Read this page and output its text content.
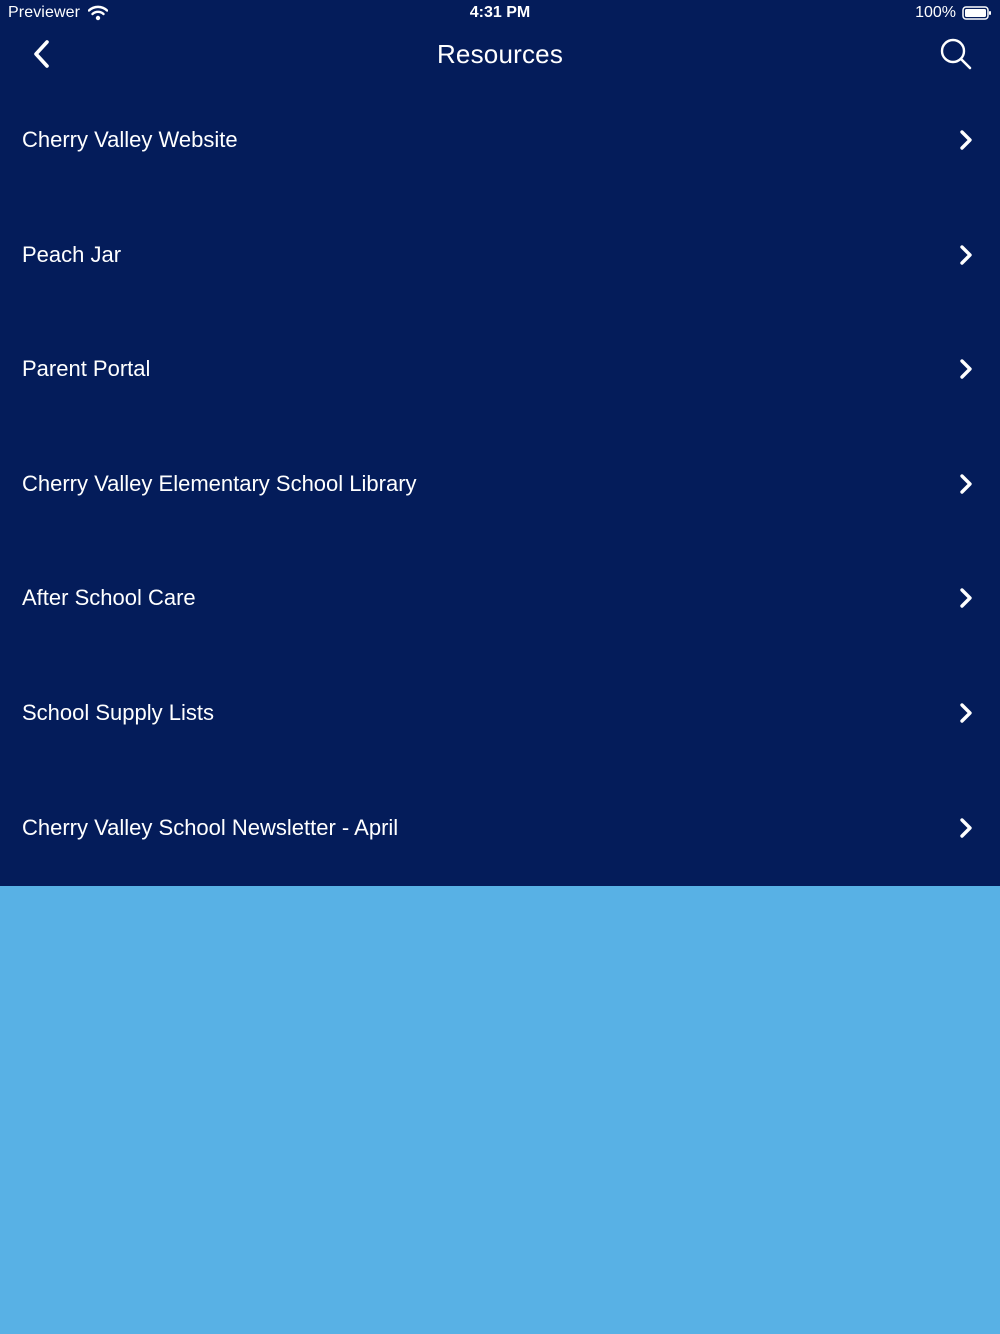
Previewer	4:31 PM	100%
Resources
Cherry Valley Website
Peach Jar
Parent Portal
Cherry Valley Elementary School Library
After School Care
School Supply Lists
Cherry Valley School Newsletter - April
